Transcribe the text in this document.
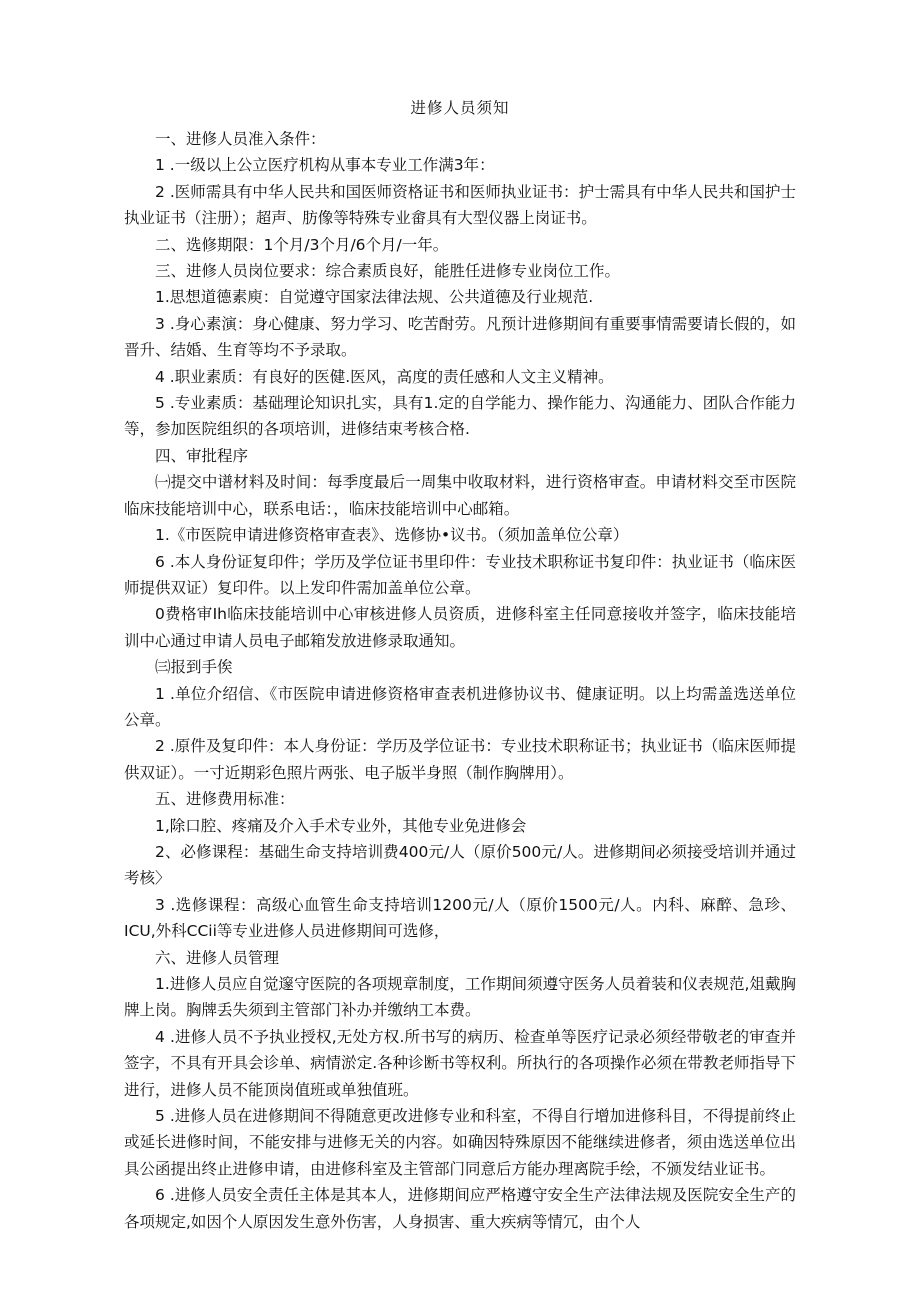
进修人员须知

一、进修人员准入条件：

1 .一级以上公立医疗机构从事本专业工作满3年：

2 .医师需具有中华人民共和国医师资格证书和医师执业证书：护士需具有中华人民共和国护士执业证书（注册）；超声、肪像等特殊专业畲具有大型仪器上岗证书。

二、选修期限：1个月/3个月/6个月/一年。

三、进修人员岗位要求：综合素质良好，能胜任进修专业岗位工作。

1.思想道德素庾：自觉遵守国家法律法规、公共道德及行业规范.

3 .身心素演：身心健康、努力学习、吃苦酎劳。凡预计进修期间有重要事情需要请长假的，如晋升、结婚、生育等均不予录取。

4 .职业素质：有良好的医健.医风，高度的责任感和人文主义精神。

5 .专业素质：基础理论知识扎实，具有1.定的自学能力、操作能力、沟通能力、团队合作能力等，参加医院组织的各项培训，进修结束考核合格.

四、审批程序

㈠提交中谱材料及时间：每季度最后一周集中收取材料，进行资格审查。申请材料交至市医院临床技能培训中心，联系电话：，临床技能培训中心邮箱。

1.《市医院申请进修资格审查表》、选修协•议书。（须加盖单位公章）

6 .本人身份证复印件；学历及学位证书里印件：专业技术职称证书复印件：执业证书（临床医师提供双证）复印件。以上发印件需加盖单位公章。

0费格审Ih临床技能培训中心审核进修人员资质，进修科室主任同意接收并签字，临床技能培训中心通过申请人员电子邮箱发放进修录取通知。

㈢报到手俟

1 .单位介绍信、《市医院申请进修资格审查表机进修协议书、健康证明。以上均需盖选送单位公章。

2 .原件及复印件：本人身份证：学历及学位证书：专业技术职称证书；执业证书（临床医师提供双证）。一寸近期彩色照片两张、电子版半身照（制作胸牌用）。

五、进修费用标准：

1,除口腔、疼痛及介入手术专业外，其他专业免进修会

2、必修课程：基础生命支持培训费400元/人（原价500元/人。进修期间必须接受培训并通过考核〉

3 .选修课程：高级心血管生命支持培训1200元/人（原价1500元/人。内科、麻醉、急珍、ICU,外科CCii等专业进修人员进修期间可选修，

六、进修人员管理

1.进修人员应自觉邃守医院的各项规章制度，工作期间须遵守医务人员着装和仪表规范,俎戴胸牌上岗。胸牌丢失须到主管部门补办并缴纳工本费。

4 .进修人员不予执业授权,无处方权.所书写的病历、检查单等医疗记录必须经带敬老的审查并签字，不具有开具会诊单、病情淤定.各种诊断书等权利。所执行的各项操作必须在带教老师指导下进行，进修人员不能顶岗值班或单独值班。

5 .进修人员在进修期间不得随意更改进修专业和科室，不得自行增加进修科目，不得提前终止或延长进修时间，不能安排与进修无关的内容。如确因特殊原因不能继续进修者，须由选送单位出具公函提出终止进修申请，由进修科室及主管部门同意后方能办理离院手绘，不颁发结业证书。

6 .进修人员安全责任主体是其本人，进修期间应严格遵守安全生产法律法规及医院安全生产的各项规定,如因个人原因发生意外伤害，人身损害、重大疾病等情冗，由个人
